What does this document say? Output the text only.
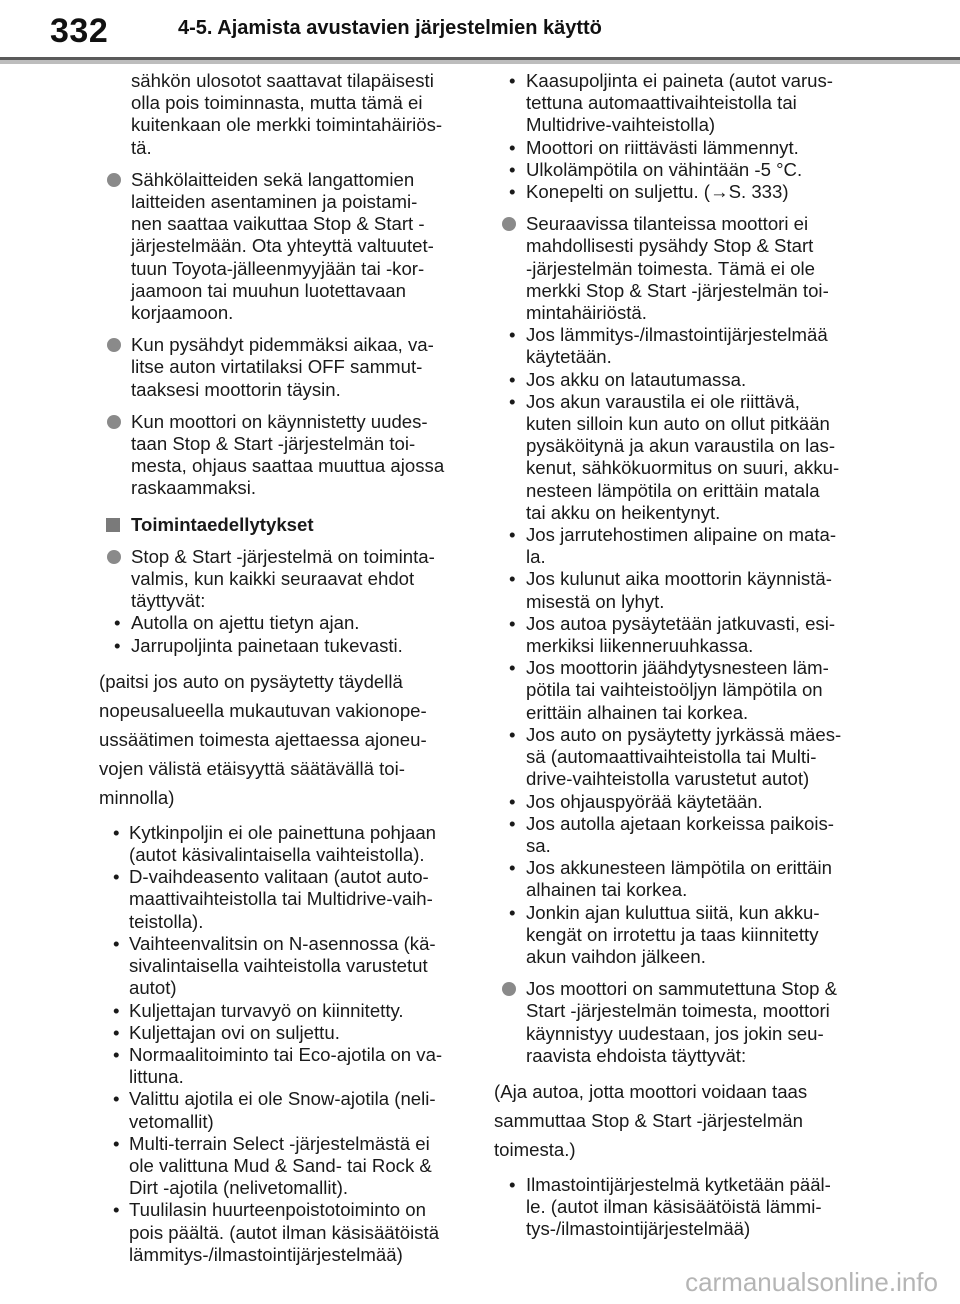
332	4-5. Ajamista avustavien järjestelmien käyttö
sähkön ulosotot saattavat tilapäisesti
olla pois toiminnasta, mutta tämä ei
kuitenkaan ole merkki toimintahäiriös-
tä.
Sähkölaitteiden sekä langattomien
laitteiden asentaminen ja poistami-
nen saattaa vaikuttaa Stop & Start -
järjestelmään. Ota yhteyttä valtuutet-
tuun Toyota-jälleenmyyjään tai -kor-
jaamoon tai muuhun luotettavaan
korjaamoon.
Kun pysähdyt pidemmäksi aikaa, va-
litse auton virtatilaksi OFF sammut-
taaksesi moottorin täysin.
Kun moottori on käynnistetty uudes-
taan Stop & Start -järjestelmän toi-
mesta, ohjaus saattaa muuttua ajossa
raskaammaksi.
Toimintaedellytykset
Stop & Start -järjestelmä on toiminta-
valmis, kun kaikki seuraavat ehdot
täyttyvät:
• Autolla on ajettu tietyn ajan.
• Jarrupoljinta painetaan tukevasti.
(paitsi jos auto on pysäytetty täydellä
nopeusalueella mukautuvan vakionope-
ussäätimen toimesta ajettaessa ajoneu-
vojen välistä etäisyyttä säätävällä toi-
minnolla)
• Kytkinpoljin ei ole painettuna pohjaan
(autot käsivalintaisella vaihteistolla).
• D-vaihdeasento valitaan (autot auto-
maattivaihteistolla tai Multidrive-vaih-
teistolla).
• Vaihteenvalitsin on N-asennossa (kä-
sivalintaisella vaihteistolla varustetut
autot)
• Kuljettajan turvavyö on kiinnitetty.
• Kuljettajan ovi on suljettu.
• Normaalitoiminto tai Eco-ajotila on va-
littuna.
• Valittu ajotila ei ole Snow-ajotila (neli-
vetomallit)
• Multi-terrain Select -järjestelmästä ei
ole valittuna Mud & Sand- tai Rock &
Dirt -ajotila (nelivetomallit).
• Tuulilasin huurteenpoistotoiminto on
pois päältä. (autot ilman käsisäätöistä
lämmitys-/ilmastointijärjestelmää)
• Kaasupoljinta ei paineta (autot varus-
tettuna automaattivaihteistolla tai
Multidrive-vaihteistolla)
• Moottori on riittävästi lämmennyt.
• Ulkolämpötila on vähintään -5 °C.
• Konepelti on suljettu. (→S. 333)
Seuraavissa tilanteissa moottori ei
mahdollisesti pysähdy Stop & Start
-järjestelmän toimesta. Tämä ei ole
merkki Stop & Start -järjestelmän toi-
mintahäiriöstä.
• Jos lämmitys-/ilmastointijärjestelmää
käytetään.
• Jos akku on latautumassa.
• Jos akun varaustila ei ole riittävä,
kuten silloin kun auto on ollut pitkään
pysäköitynä ja akun varaustila on las-
kenut, sähkökuormitus on suuri, akku-
nesteen lämpötila on erittäin matala
tai akku on heikentynyt.
• Jos jarrutehostimen alipaine on mata-
la.
• Jos kulunut aika moottorin käynnistä-
misestä on lyhyt.
• Jos autoa pysäytetään jatkuvasti, esi-
merkiksi liikenneruuhkassa.
• Jos moottorin jäähdytysnesteen läm-
pötila tai vaihteistoöljyn lämpötila on
erittäin alhainen tai korkea.
• Jos auto on pysäytetty jyrkässä mäes-
sä (automaattivaihteistolla tai Multi-
drive-vaihteistolla varustetut autot)
• Jos ohjauspyörää käytetään.
• Jos autolla ajetaan korkeissa paikois-
sa.
• Jos akkunesteen lämpötila on erittäin
alhainen tai korkea.
• Jonkin ajan kuluttua siitä, kun akku-
kengät on irrotettu ja taas kiinnitetty
akun vaihdon jälkeen.
Jos moottori on sammutettuna Stop &
Start -järjestelmän toimesta, moottori
käynnistyy uudestaan, jos jokin seu-
raavista ehdoista täyttyvät:
(Aja autoa, jotta moottori voidaan taas
sammuttaa Stop & Start -järjestelmän
toimesta.)
• Ilmastointijärjestelmä kytketään pääl-
le. (autot ilman käsisäätöistä lämmi-
tys-/ilmastointijärjestelmää)
carmanualsonline.info
